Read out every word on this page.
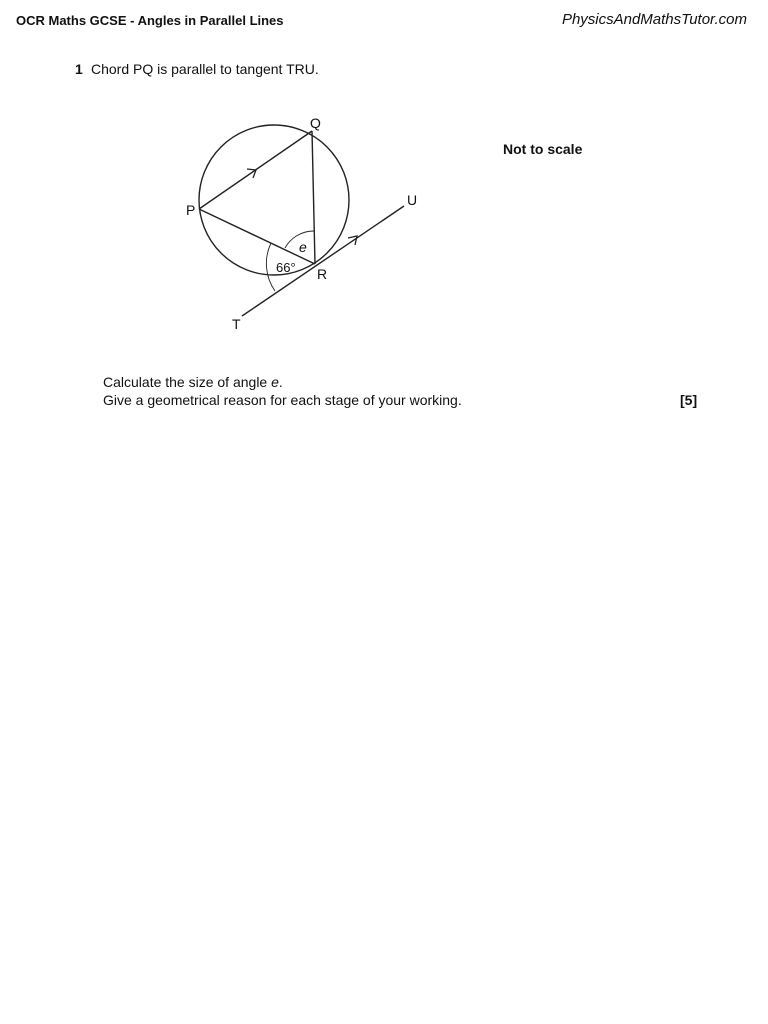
OCR Maths GCSE - Angles in Parallel Lines	PhysicsAndMathsTutor.com
1 Chord PQ is parallel to tangent TRU.
Not to scale
Q
P
U
R
T
e
66°
Calculate the size of angle e.
Give a geometrical reason for each stage of your working.	[5]
